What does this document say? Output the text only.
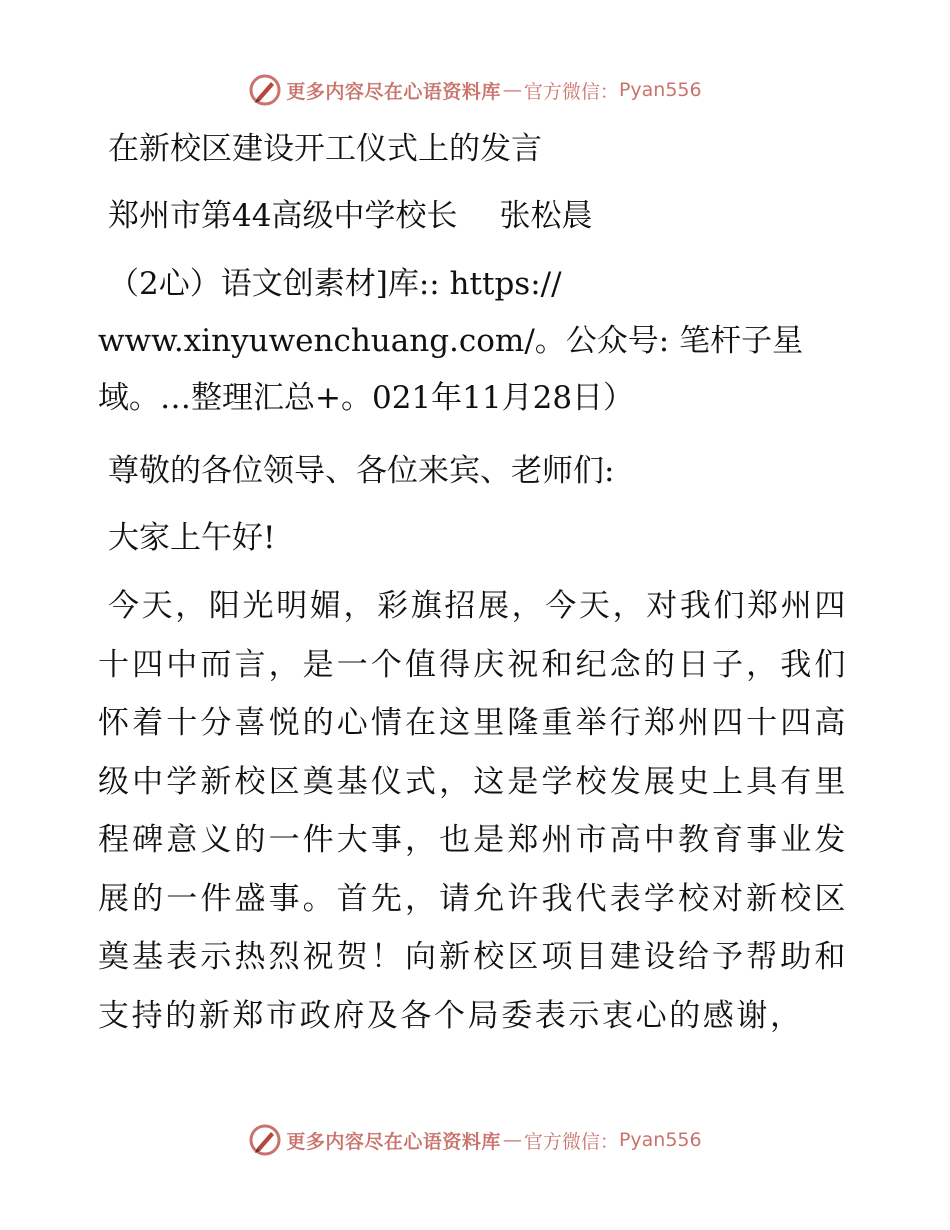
更多内容尽在心语资料库 — 官方微信： Pyan556

在新校区建设开工仪式上的发言

郑州市第44高级中学校长 张松晨

（2心）语文创素材]库:: https://

www.xinyuwenchuang.com/。公众号: 笔杆子星

域。…整理汇总+。021年11月28日）

尊敬的各位领导、各位来宾、老师们:

大家上午好!

今天，阳光明媚，彩旗招展，今天，对我们郑州四十四中而言，是一个值得庆祝和纪念的日子，我们怀着十分喜悦的心情在这里隆重举行郑州四十四高级中学新校区奠基仪式，这是学校发展史上具有里程碑意义的一件大事，也是郑州市高中教育事业发展的一件盛事。首先，请允许我代表学校对新校区奠基表示热烈祝贺！向新校区项目建设给予帮助和支持的新郑市政府及各个局委表示衷心的感谢，

更多内容尽在心语资料库 — 官方微信： Pyan556
